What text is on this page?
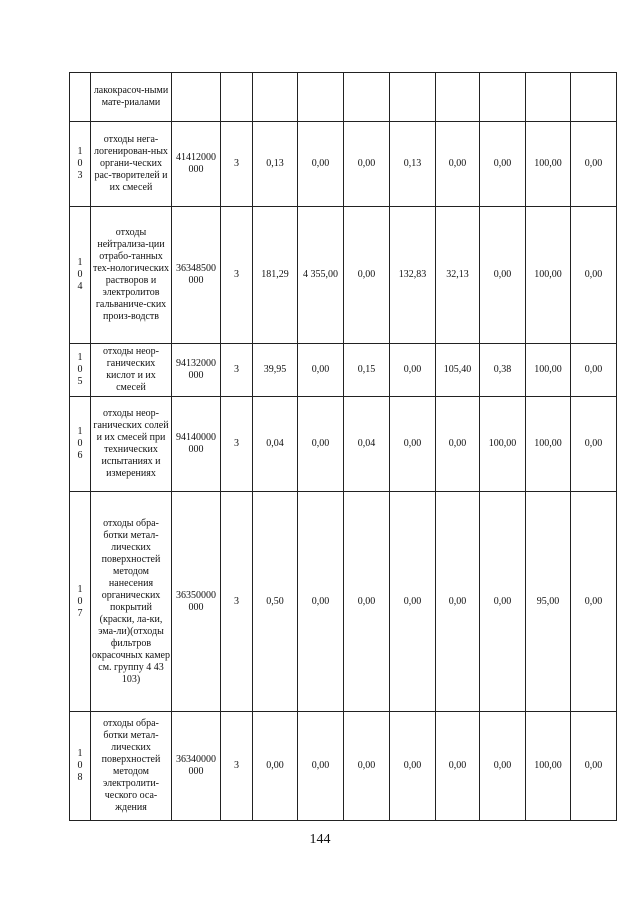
	лакокрасоч-ными мате-риалами										

103	отходы нега-логенирован-ных органи-ческих рас-творителей и их смесей	41412000000	3	0,13	0,00	0,00	0,13	0,00	0,00	100,00	0,00

104	отходы нейтрализа-ции отрабо-танных тех-нологических растворов и электролитов гальваниче-ских произ-водств	36348500000	3	181,29	4 355,00	0,00	132,83	32,13	0,00	100,00	0,00

105	отходы неор-ганических кислот и их смесей	94132000000	3	39,95	0,00	0,15	0,00	105,40	0,38	100,00	0,00

106	отходы неор-ганических солей и их смесей при технических испытаниях и измерениях	94140000000	3	0,04	0,00	0,04	0,00	0,00	100,00	100,00	0,00

107	отходы обра-ботки метал-лических поверхностей методом нанесения органических покрытий (краски, ла-ки, эма-ли)(отходы фильтров окрасочных камер см. группу 4 43 103)	36350000000	3	0,50	0,00	0,00	0,00	0,00	0,00	95,00	0,00

108	отходы обра-ботки метал-лических поверхностей методом электролити-ческого оса-ждения	36340000000	3	0,00	0,00	0,00	0,00	0,00	0,00	100,00	0,00
144
